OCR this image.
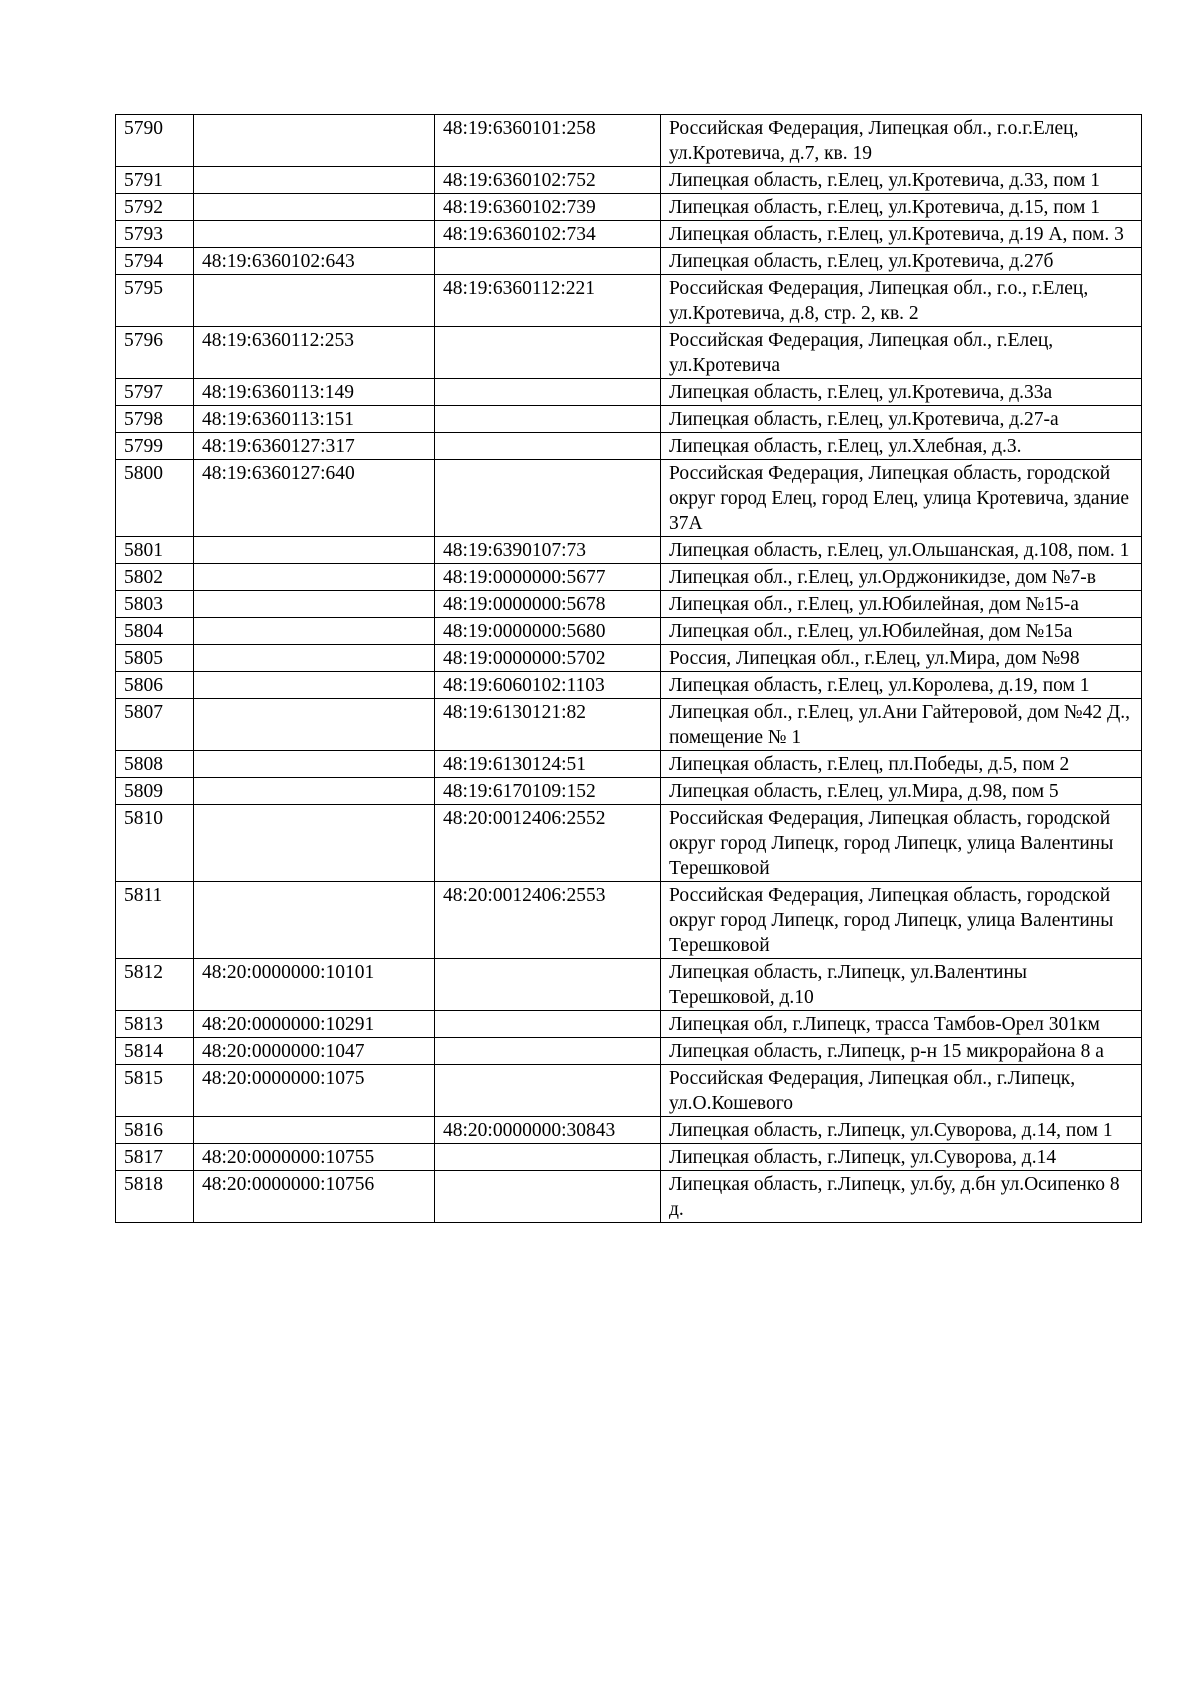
5790		48:19:6360101:258	Российская Федерация, Липецкая обл., г.о.г.Елец, ул.Кротевича, д.7, кв. 19
5791		48:19:6360102:752	Липецкая область, г.Елец, ул.Кротевича, д.33, пом 1
5792		48:19:6360102:739	Липецкая область, г.Елец, ул.Кротевича, д.15, пом 1
5793		48:19:6360102:734	Липецкая область, г.Елец, ул.Кротевича, д.19 А, пом. 3
5794	48:19:6360102:643		Липецкая область, г.Елец, ул.Кротевича, д.27б
5795		48:19:6360112:221	Российская Федерация, Липецкая обл., г.о., г.Елец, ул.Кротевича, д.8, стр. 2, кв. 2
5796	48:19:6360112:253		Российская Федерация, Липецкая обл., г.Елец, ул.Кротевича
5797	48:19:6360113:149		Липецкая область, г.Елец, ул.Кротевича, д.33а
5798	48:19:6360113:151		Липецкая область, г.Елец, ул.Кротевича, д.27-а
5799	48:19:6360127:317		Липецкая область, г.Елец, ул.Хлебная, д.3.
5800	48:19:6360127:640		Российская Федерация, Липецкая область, городской округ город Елец, город Елец, улица Кротевича, здание 37А
5801		48:19:6390107:73	Липецкая область, г.Елец, ул.Ольшанская, д.108, пом. 1
5802		48:19:0000000:5677	Липецкая обл., г.Елец, ул.Орджоникидзе, дом №7-в
5803		48:19:0000000:5678	Липецкая обл., г.Елец, ул.Юбилейная, дом №15-а
5804		48:19:0000000:5680	Липецкая обл., г.Елец, ул.Юбилейная, дом №15а
5805		48:19:0000000:5702	Россия, Липецкая обл., г.Елец, ул.Мира, дом №98
5806		48:19:6060102:1103	Липецкая область, г.Елец, ул.Королева, д.19, пом 1
5807		48:19:6130121:82	Липецкая обл., г.Елец, ул.Ани Гайтеровой, дом №42 Д., помещение № 1
5808		48:19:6130124:51	Липецкая область, г.Елец, пл.Победы, д.5, пом 2
5809		48:19:6170109:152	Липецкая область, г.Елец, ул.Мира, д.98, пом 5
5810		48:20:0012406:2552	Российская Федерация, Липецкая область, городской округ город Липецк, город Липецк, улица Валентины Терешковой
5811		48:20:0012406:2553	Российская Федерация, Липецкая область, городской округ город Липецк, город Липецк, улица Валентины Терешковой
5812	48:20:0000000:10101		Липецкая область, г.Липецк, ул.Валентины Терешковой, д.10
5813	48:20:0000000:10291		Липецкая обл, г.Липецк, трасса Тамбов-Орел 301км
5814	48:20:0000000:1047		Липецкая область, г.Липецк, р-н 15 микрорайона 8 а
5815	48:20:0000000:1075		Российская Федерация, Липецкая обл., г.Липецк, ул.О.Кошевого
5816		48:20:0000000:30843	Липецкая область, г.Липецк, ул.Суворова, д.14, пом 1
5817	48:20:0000000:10755		Липецкая область, г.Липецк, ул.Суворова, д.14
5818	48:20:0000000:10756		Липецкая область, г.Липецк, ул.бу, д.бн ул.Осипенко 8 д.
